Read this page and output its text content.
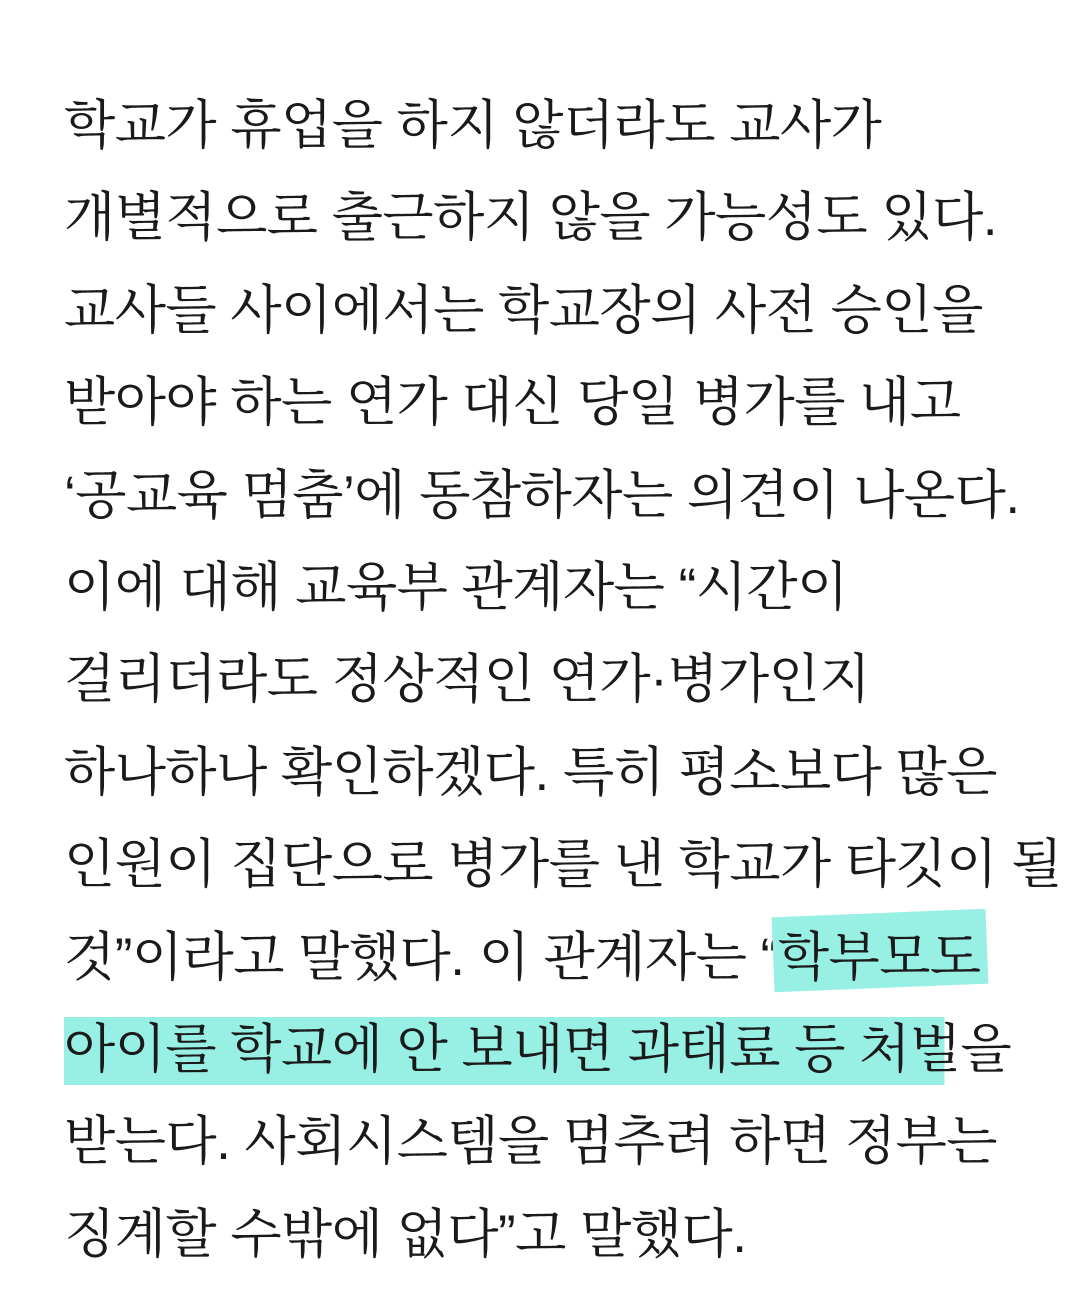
학교가 휴업을 하지 않더라도 교사가

개별적으로 출근하지 않을 가능성도 있다.

교사들 사이에서는 학교장의 사전 승인을

받아야 하는 연가 대신 당일 병가를 내고

‘공교육 멈춤’에 동참하자는 의견이 나온다.

이에 대해 교육부 관계자는 “시간이

걸리더라도 정상적인 연가·병가인지

하나하나 확인하겠다. 특히 평소보다 많은

인원이 집단으로 병가를 낸 학교가 타깃이 될

것”이라고 말했다. 이 관계자는 “학부모도

아이를 학교에 안 보내면 과태료 등 처벌을

받는다. 사회시스템을 멈추려 하면 정부는

징계할 수밖에 없다”고 말했다.
